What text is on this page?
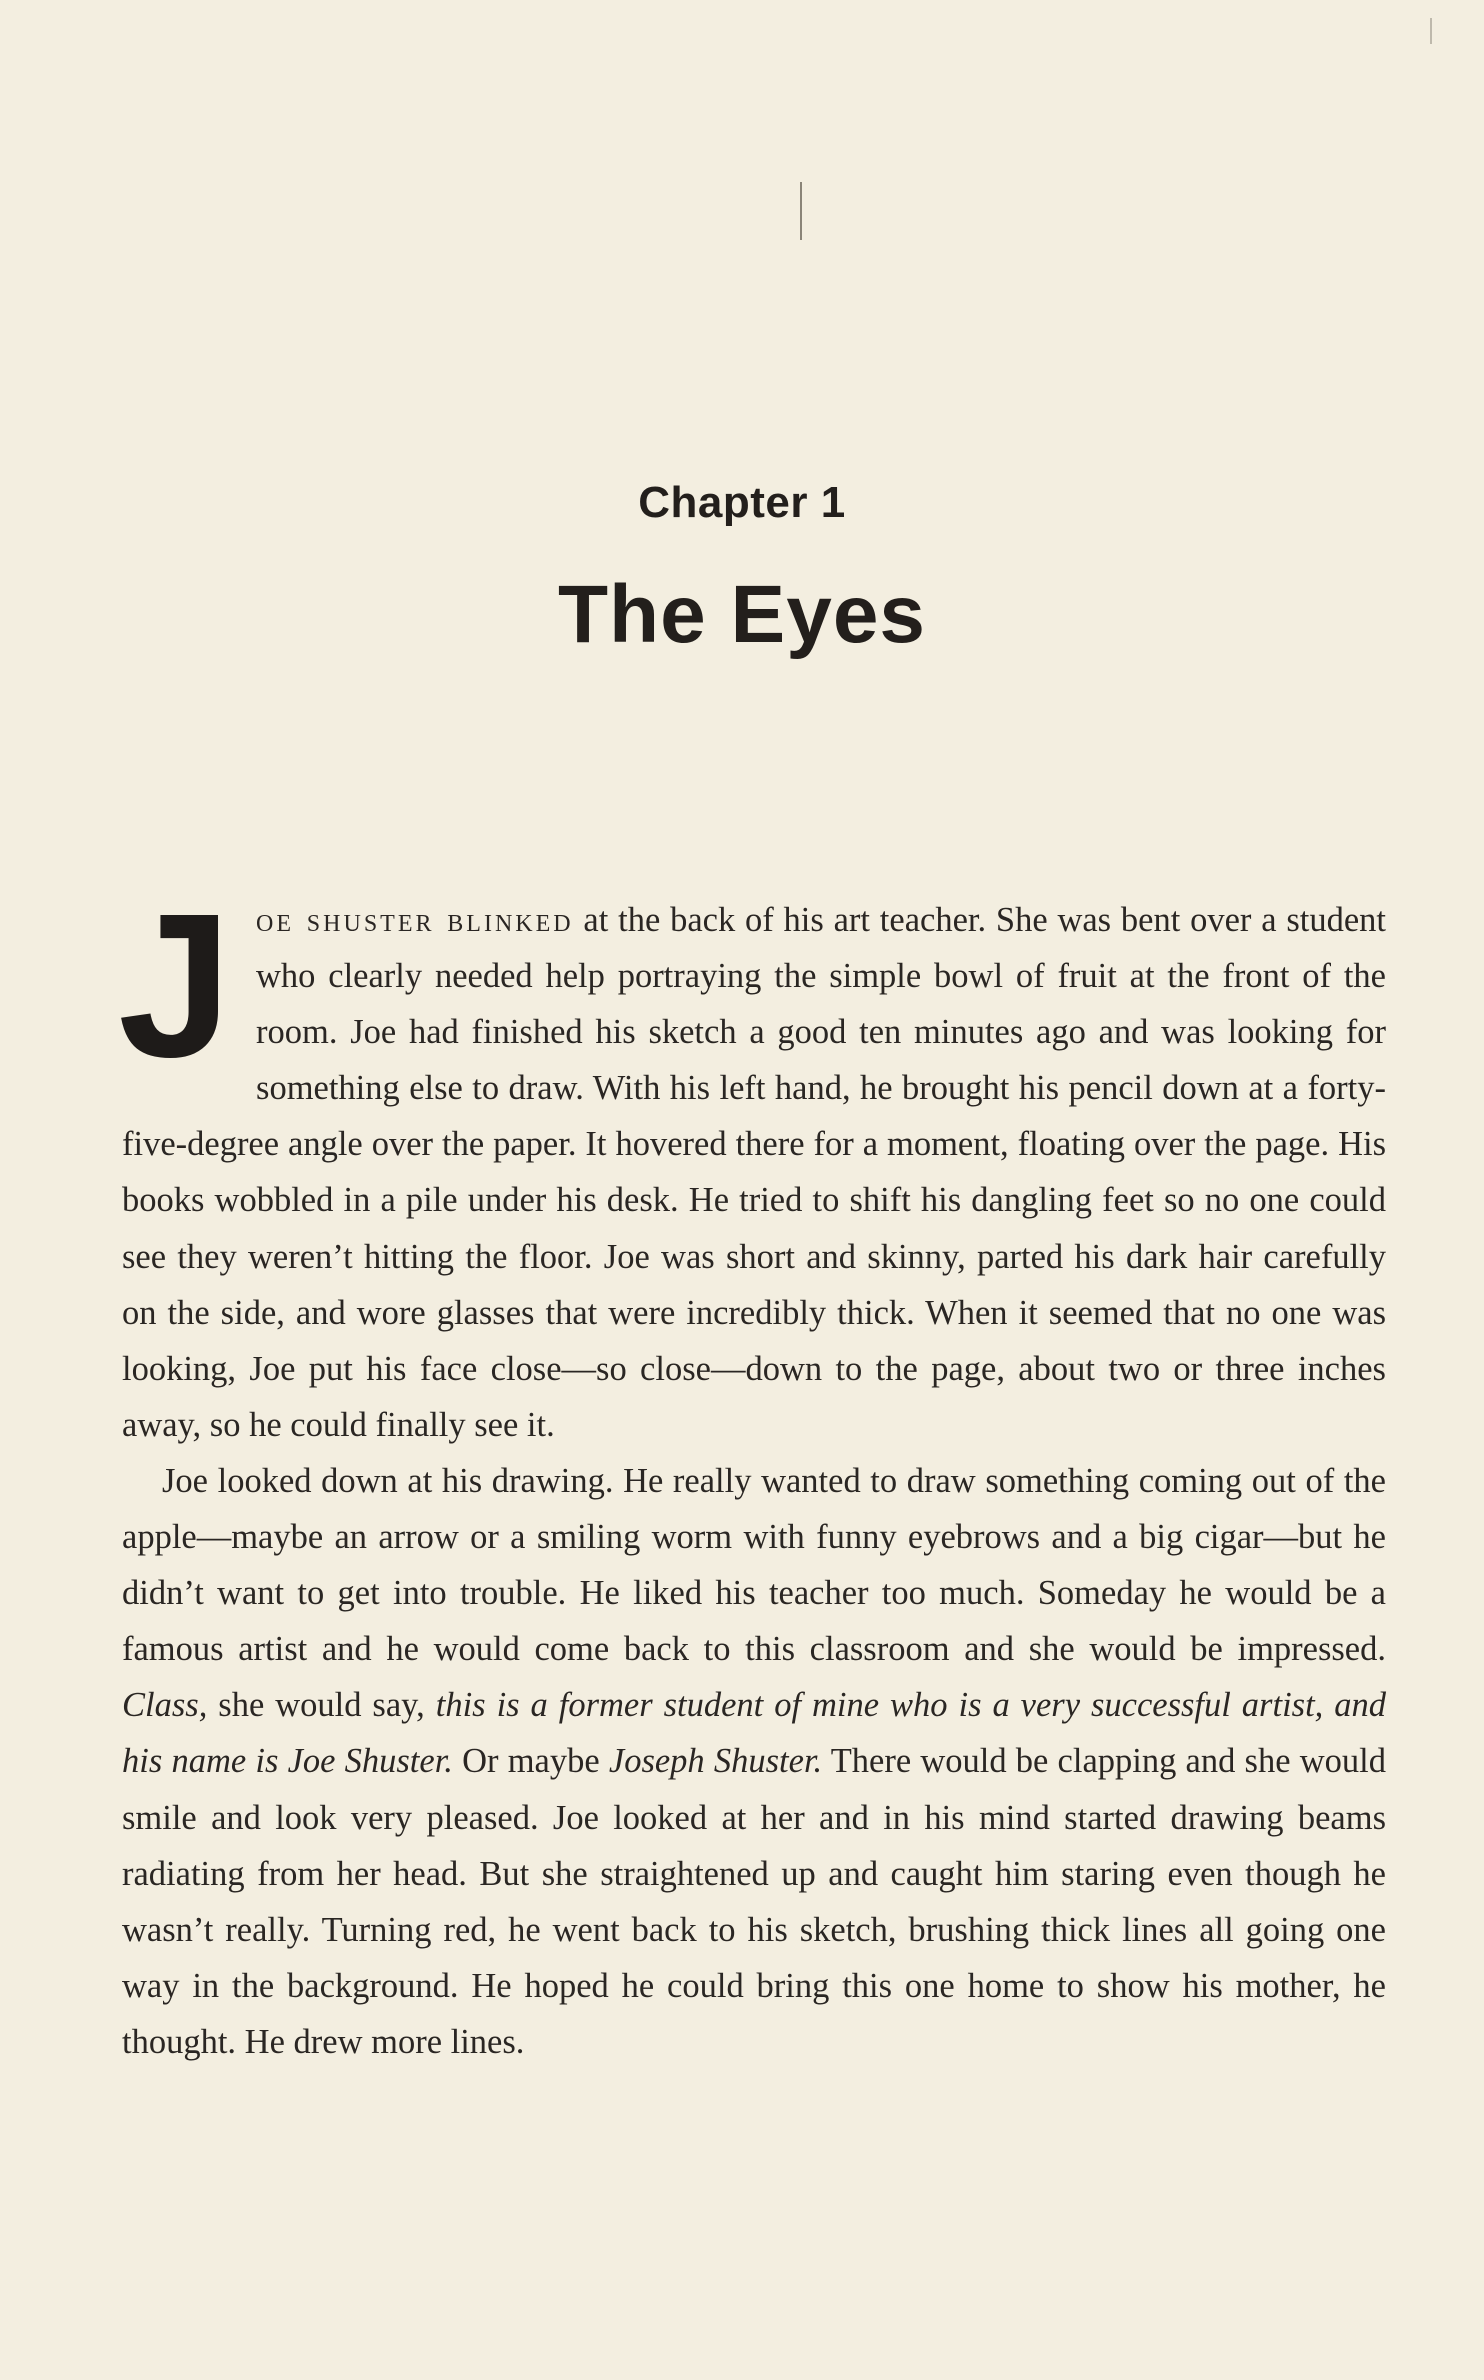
Chapter 1
The Eyes

Joe shuster blinked at the back of his art teacher. She was bent over a student who clearly needed help portraying the simple bowl of fruit at the front of the room. Joe had finished his sketch a good ten minutes ago and was looking for something else to draw. With his left hand, he brought his pencil down at a forty-five-degree angle over the paper. It hovered there for a moment, floating over the page. His books wobbled in a pile under his desk. He tried to shift his dangling feet so no one could see they weren’t hitting the floor. Joe was short and skinny, parted his dark hair carefully on the side, and wore glasses that were incredibly thick. When it seemed that no one was looking, Joe put his face close—so close—down to the page, about two or three inches away, so he could finally see it.

Joe looked down at his drawing. He really wanted to draw something coming out of the apple—maybe an arrow or a smiling worm with funny eyebrows and a big cigar—but he didn’t want to get into trouble. He liked his teacher too much. Someday he would be a famous artist and he would come back to this classroom and she would be impressed. Class, she would say, this is a former student of mine who is a very successful artist, and his name is Joe Shuster. Or maybe Joseph Shuster. There would be clapping and she would smile and look very pleased. Joe looked at her and in his mind started drawing beams radiating from her head. But she straightened up and caught him staring even though he wasn’t really. Turning red, he went back to his sketch, brushing thick lines all going one way in the background. He hoped he could bring this one home to show his mother, he thought. He drew more lines.
